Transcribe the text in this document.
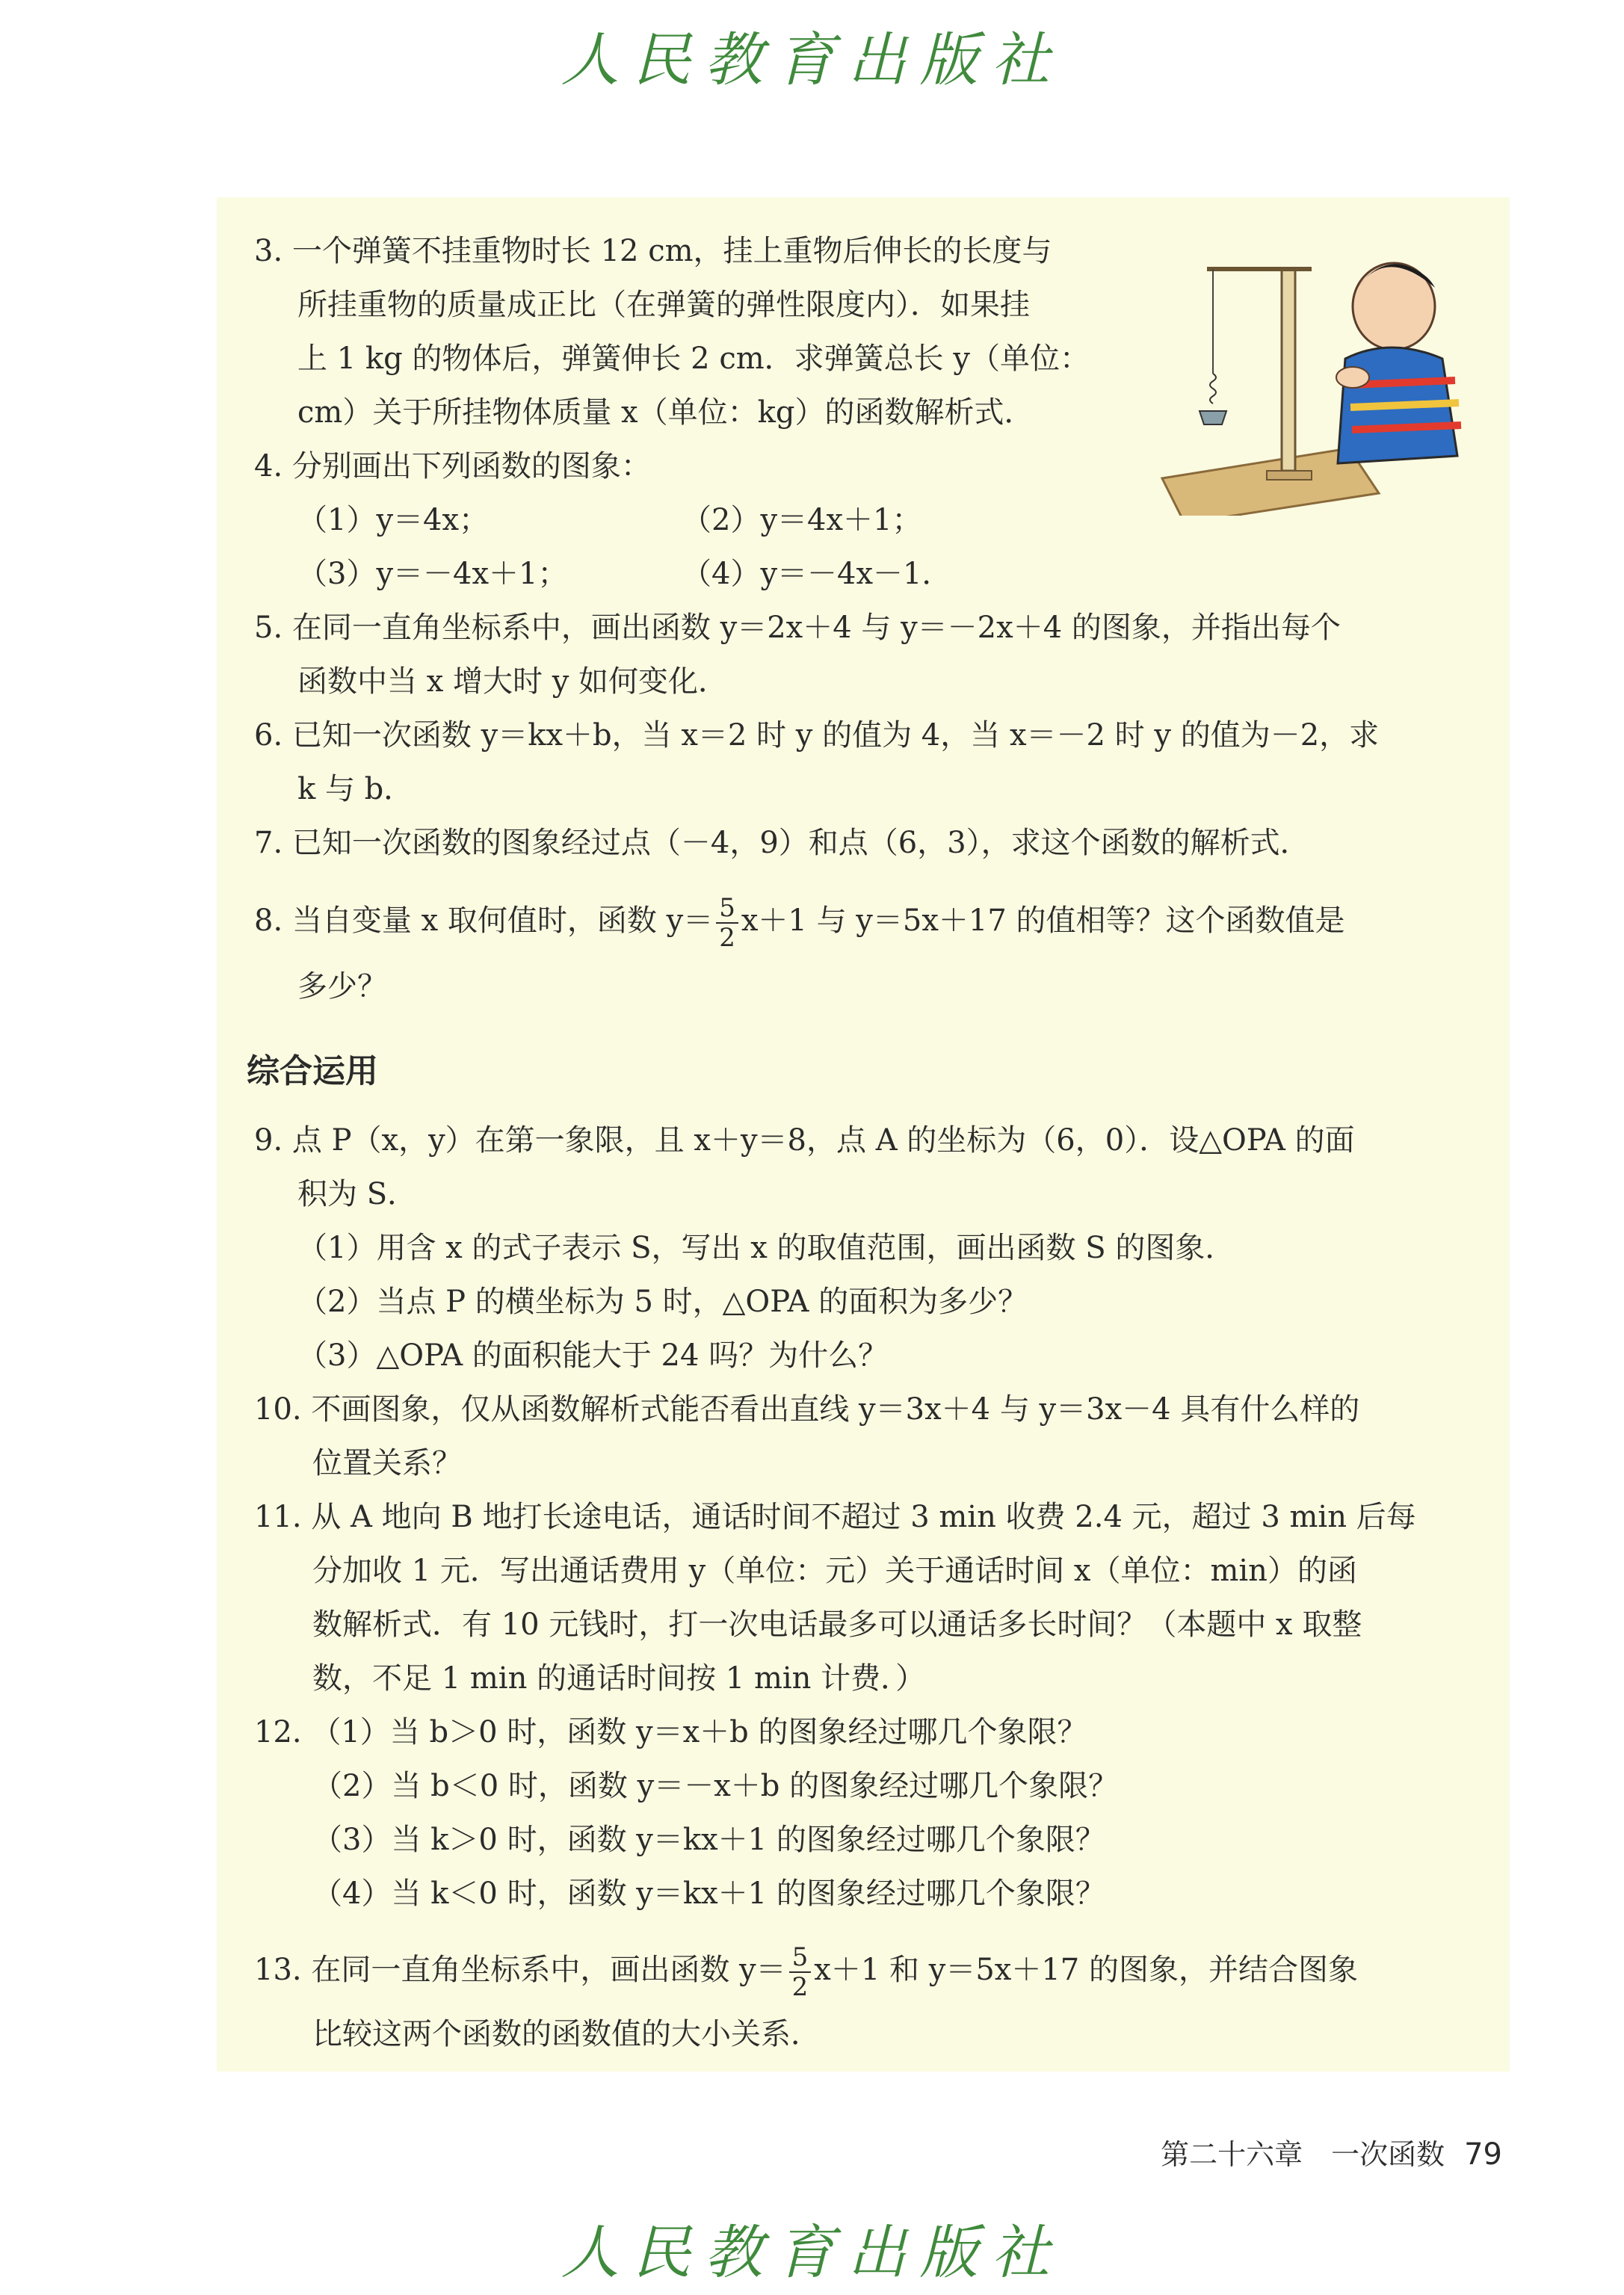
人民教育出版社
3. 一个弹簧不挂重物时长 12 cm，挂上重物后伸长的长度与
所挂重物的质量成正比（在弹簧的弹性限度内）．如果挂
上 1 kg 的物体后，弹簧伸长 2 cm．求弹簧总长 y（单位：
cm）关于所挂物体质量 x（单位：kg）的函数解析式．
4. 分别画出下列函数的图象：
（1）y＝4x；	（2）y＝4x＋1；
（3）y＝－4x＋1；	（4）y＝－4x－1．
5. 在同一直角坐标系中，画出函数 y＝2x＋4 与 y＝－2x＋4 的图象，并指出每个
函数中当 x 增大时 y 如何变化．
6. 已知一次函数 y＝kx＋b，当 x＝2 时 y 的值为 4，当 x＝－2 时 y 的值为－2，求
k 与 b．
7. 已知一次函数的图象经过点（－4，9）和点（6，3），求这个函数的解析式．
8. 当自变量 x 取何值时，函数 $y= \frac{5}{2} x+1$ 与 y＝5x＋17 的值相等？这个函数值是
多少？
综合运用
9. 点 P（x，y）在第一象限，且 x＋y＝8，点 A 的坐标为（6，0）．设△OPA 的面
积为 S．
（1）用含 x 的式子表示 S，写出 x 的取值范围，画出函数 S 的图象．
（2）当点 P 的横坐标为 5 时，△OPA 的面积为多少？
（3）△OPA 的面积能大于 24 吗？为什么？
10. 不画图象，仅从函数解析式能否看出直线 y＝3x＋4 与 y＝3x－4 具有什么样的
位置关系？
11. 从 A 地向 B 地打长途电话，通话时间不超过 3 min 收费 2.4 元，超过 3 min 后每
分加收 1 元．写出通话费用 y（单位：元）关于通话时间 x（单位：min）的函
数解析式．有 10 元钱时，打一次电话最多可以通话多长时间？（本题中 x 取整
数，不足 1 min 的通话时间按 1 min 计费．）
12. （1）当 b＞0 时，函数 y＝x＋b 的图象经过哪几个象限？
（2）当 b＜0 时，函数 y＝－x＋b 的图象经过哪几个象限？
（3）当 k＞0 时，函数 y＝kx＋1 的图象经过哪几个象限？
（4）当 k＜0 时，函数 y＝kx＋1 的图象经过哪几个象限？
13. 在同一直角坐标系中，画出函数 $y= \frac{5}{2} x+1$ 和 y＝5x＋17 的图象，并结合图象
比较这两个函数的函数值的大小关系．
第二十六章　一次函数 79
人民教育出版社
